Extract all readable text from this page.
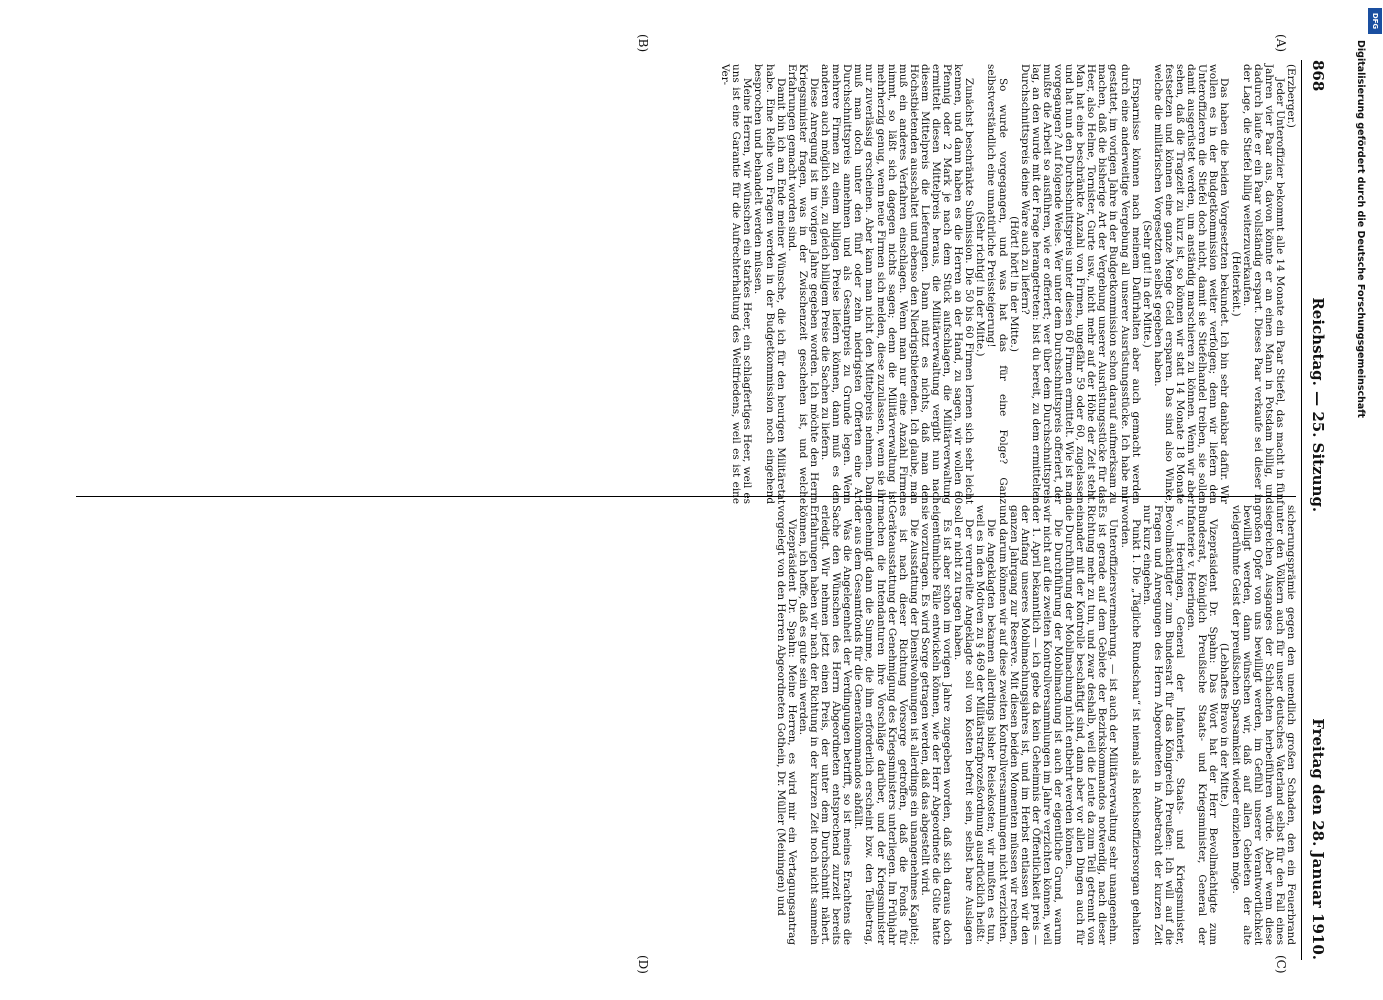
868
Reichstag. — 25. Sitzung.
Freitag den 28. Januar 1910.
(A)
(B)
(C)
(D)

(Erzberger.)

Jeder Unteroffizier bekommt alle 14 Monate ein Paar Stiefel, das macht in fünf Jahren vier Paar aus, davon könnte er an einen Mann in Potsdam billig, und dadurch laufe er ein Paar vollständig erspart. Dieses Paar verkaufe sei dieser in der Lage, die Stiefel billig weiterzuverkaufen.

(Heiterkeit.)

Das haben die beiden Vorgesetzten bekundet. Ich bin sehr dankbar dafür. Wir wollen es in der Budgetkommission weiter verfolgen; denn wir liefern den Unteroffizieren die Stiefel doch nicht, damit sie Stiefelhandel treiben, sie sollen damit ausgerüstet werden, um anständig marschieren zu können. Wenn wir aber sehen, daß die Tragzeit zu kurz ist, so können wir statt 14 Monate 18 Monate festsetzen und können eine ganze Menge Geld ersparen. Das sind also Winke, welche die militärischen Vorgesetzten selbst gegeben haben.

(Sehr gut! in der Mitte.)

Ersparnisse können nach meinem Dafürhalten aber auch gemacht werden durch eine anderweitige Vergebung all unserer Ausrüstungsstücke. Ich habe mir gestattet, im vorigen Jahre in der Budgetkommission schon darauf aufmerksam zu machen, daß die bisherige Art der Vergebung unserer Ausrüstungsstücke für das Heer, also Helme, Tornister, Gurte usw., nicht mehr auf der Höhe der Zeit steht. Man hat eine beschränkte Anzahl von Firmen, ungefähr 59 oder 60, zugelassen und hat nun den Durchschnittspreis unter diesen 60 Firmen ermittelt. Wie ist man vorgegangen? Auf folgende Weise. Wer unter dem Durchschnittspreis offeriert, der mußte die Arbeit so ausführen, wie er offeriert; wer über dem Durchschnittspreis lag, an den wurde mit der Frage herangetreten: bist du bereit, zu dem ermittelten Durchschnittspreis deine Ware auch zu liefern?

(Hört! hört! in der Mitte.)

So wurde vorgegangen, und was hat das für eine Folge? Ganz selbstverständlich eine unnatürliche Preissteigerung!

(Sehr richtig! in der Mitte.)

Zunächst beschränkte Submission. Die 50 bis 60 Firmen lernen sich sehr leicht kennen, und dann haben es die Herren an der Hand, zu sagen, wir wollen 60 Pfennig oder 2 Mark je nach dem Stück aufschlagen, die Militärverwaltung ermittelt diesen Mittelpreis heraus, die Militärverwaltung vergibt nun nach diesem Mittelpreis die Lieferungen. Dann nützt es nichts, daß man den Höchstbietenden ausschaltet und ebenso den Niedrigstbietenden. Ich glaube, man muß ein anderes Verfahren einschlagen. Wenn man nur eine Anzahl Firmen nimmt, so läßt sich dagegen nichts sagen; denn die Militärverwaltung ist mehrherzig genug, wenn neue Firmen sich melden, diese zuzulassen, wenn sie ihr nur zuverlässig erscheinen. Aber kann man nicht den Mittelpreis nehmen. Dann muß man doch unter den fünf oder zehn niedrigsten Offerten eine Art Durchschnittspreis annehmen und als Gesamtpreis zu Grunde legen. Wenn mehrere Firmen zu einem billigen Preise liefern können, dann muß es den anderen auch möglich sein, zu gleich billigem Preise die Sachen zu liefern.

Diese Anregung ist im vorigen Jahre gegeben worden. Ich möchte den Herrn Kriegsminister fragen, was in der Zwischenzeit geschehen ist, und welche Erfahrungen gemacht worden sind.

Damit bin ich am Ende meiner Wünsche, die ich für den heurigen Militäretat habe. Eine Reihe von Fragen werden in der Budgetkommission noch eingehend besprochen und behandelt werden müssen.

Meine Herren, wir wünschen ein starkes Heer, ein schlagfertiges Heer, weil es uns ist eine Garantie für die Aufrechterhaltung des Weltfriedens, weil es ist eine Ver-

sicherungsprämie gegen den unendlich großen Schaden, den ein Feuerbrand unter den Völkern auch für unser deutsches Vaterland selbst für den Fall eines siegreichen Ausganges der Schlachten herbeiführen würde. Aber wenn diese großen Opfer von uns bewilligt werden, im Gefühl unserer Verantwortlichkeit bewilligt werden, dann wünschen wir, daß auf allen Gebieten der alte vielgerühmte Geist der preußischen Sparsamkeit wieder einziehen möge.

(Lebhaftes Bravo in der Mitte.)

Vizepräsident Dr. Spahn: Das Wort hat der Herr Bevollmächtigte zum Bundesrat, Königlich Preußische Staats- und Kriegsminister, General der Infanterie v. Heeringen.

v. Heeringen, General der Infanterie, Staats- und Kriegsminister, Bevollmächtigter zum Bundesrat für das Königreich Preußen: Ich will auf die Fragen und Anregungen des Herrn Abgeordneten in Anbetracht der kurzen Zeit nur kurz eingehen.

Punkt 1. Die „Tägliche Rundschau“ ist niemals als Reichsoffiziersorgan gehalten worden.

Unteroffiziersvermehrung. — ist auch der Militärverwaltung sehr unangenehm. Es ist gerade auf dem Gebiete der Bezirkskommandos notwendig, nach dieser Richtung mehr zu tun, und zwar deshalb, weil die Leute da zum Teil getrennt von einander mit der Kontrolle beschäftigt sind, dann aber vor allen Dingen auch für die Durchführung der Mobilmachung nicht entbehrt werden können.

Die Durchführung der Mobilmachung ist auch der eigentliche Grund, warum wir nicht auf die zweiten Kontrollversammlungen im Jahre verzichten können, weil der 1. April bekanntlich — ich gebe da kein Geheimnis der Öffentlichkeit preis — der Anfang unseres Mobilmachungsjahres ist, und im Herbst entlassen wir den ganzen Jahrgang zur Reserve. Mit diesen beiden Momenten müssen wir rechnen, und darum können wir auf diese zweiten Kontrollversammlungen nicht verzichten.

Die Angeklagten bekamen allerdings bisher Reisekosten; wir mußten es tun, weil es in den Motiven zu § 469 der Militärstrafprozeßordnung ausdrücklich heißt:

Der verurteilte Angeklagte soll von Kosten befreit sein, selbst bare Auslagen soll er nicht zu tragen haben.

Es ist aber schon im vorigen Jahre zugegeben worden, daß sich daraus doch eigentümliche Fälle entwickeln können, wie der Herr Abgeordnete die Güte hatte sie vorzutragen. Es wird Sorge getragen werden, daß das abgestellt wird.

Die Ausstattung der Dienstwohnungen ist allerdings ein unangenehmes Kapitel; es ist nach dieser Richtung Vorsorge getroffen, daß die Fonds für Geräteausstattung der Genehmigung des Kriegsministers unterliegen. Im Frühjahr machen die Intendanturen ihre Vorschläge darüber, und der Kriegsminister genehmigt dann die Summe, die ihm erforderlich erscheint bzw. den Teilbetrag, der aus dem Gesamtfonds für die Generalkommandos abfällt.

Was die Angelegenheit der Verdingungen betrifft, so ist meines Erachtens die Sache den Wünschen des Herrn Abgeordneten entsprechend zurzeit bereits erledigt. Wir nehmen jetzt einen Preis, der unter dem Durchschnitt nähert. Erfahrungen haben wir nach der Richtung in der kurzen Zeit noch nicht sammeln können, ich hoffe, daß es gute sein werden.

Vizepräsident Dr. Spahn: Meine Herren, es wird mir ein Vertagungsantrag vorgelegt von den Herren Abgeordneten Gothein, Dr. Müller (Meiningen) und

DFG
Digitalisierung gefördert durch die Deutsche Forschungsgemeinschaft
